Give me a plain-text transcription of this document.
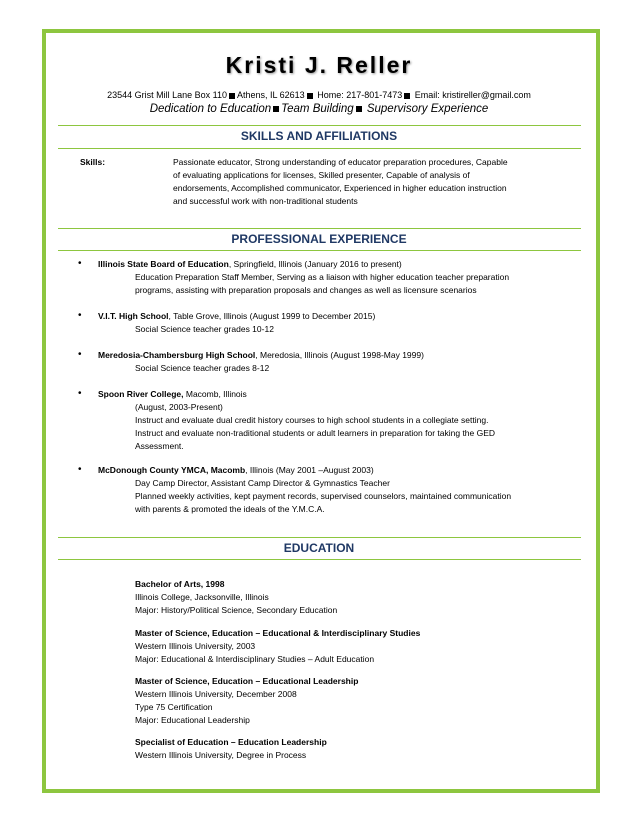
Kristi J. Reller
23544 Grist Mill Lane Box 110 Athens, IL 62613 Home: 217-801-7473 Email: kristireller@gmail.com
Dedication to Education Team Building Supervisory Experience
SKILLS AND AFFILIATIONS
Skills:	Passionate educator, Strong understanding of educator preparation procedures, Capable
of evaluating applications for licenses, Skilled presenter, Capable of analysis of
endorsements, Accomplished communicator, Experienced in higher education instruction
and successful work with non-traditional students
PROFESSIONAL EXPERIENCE
• Illinois State Board of Education, Springfield, Illinois (January 2016 to present)
Education Preparation Staff Member, Serving as a liaison with higher education teacher preparation
programs, assisting with preparation proposals and changes as well as licensure scenarios
• V.I.T. High School, Table Grove, Illinois (August 1999 to December 2015)
Social Science teacher grades 10-12
• Meredosia-Chambersburg High School, Meredosia, Illinois (August 1998-May 1999)
Social Science teacher grades 8-12
• Spoon River College, Macomb, Illinois
(August, 2003-Present)
Instruct and evaluate dual credit history courses to high school students in a collegiate setting.
Instruct and evaluate non-traditional students or adult learners in preparation for taking the GED
Assessment.
• McDonough County YMCA, Macomb, Illinois (May 2001 –August 2003)
Day Camp Director, Assistant Camp Director & Gymnastics Teacher
Planned weekly activities, kept payment records, supervised counselors, maintained communication
with parents & promoted the ideals of the Y.M.C.A.
EDUCATION
Bachelor of Arts, 1998
Illinois College, Jacksonville, Illinois
Major: History/Political Science, Secondary Education
Master of Science, Education – Educational & Interdisciplinary Studies
Western Illinois University, 2003
Major: Educational & Interdisciplinary Studies – Adult Education
Master of Science, Education – Educational Leadership
Western Illinois University, December 2008
Type 75 Certification
Major: Educational Leadership
Specialist of Education – Education Leadership
Western Illinois University, Degree in Process
